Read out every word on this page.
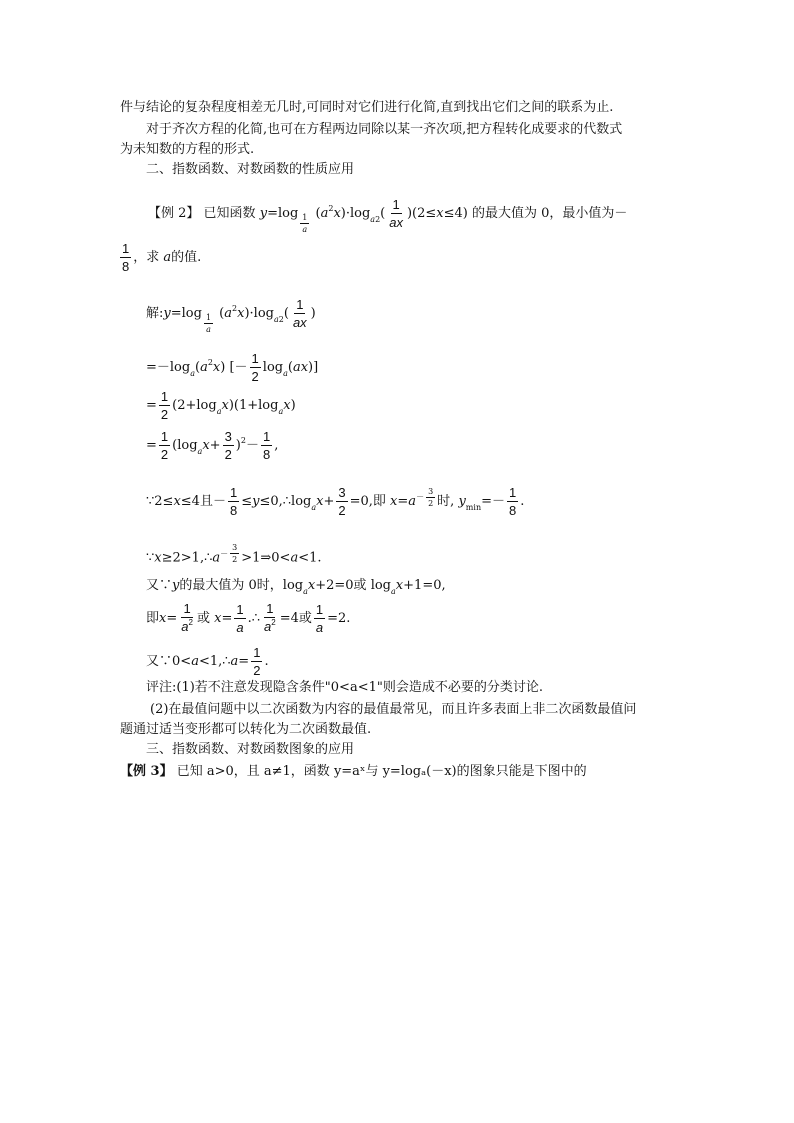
件与结论的复杂程度相差无几时,可同时对它们进行化简,直到找出它们之间的联系为止.
对于齐次方程的化简,也可在方程两边同除以某一齐次项,把方程转化成要求的代数式
为未知数的方程的形式.
二、指数函数、对数函数的性质应用
【例 2】 已知函数 $y=\log \frac{1}{a} (a^2x)\cdot\log_{a2}( \frac{1}{ax} )(2\le x\le 4)$ 的最大值为 0，最小值为－
$\frac{1}{8}$ ，求 a的值.
解:y=log $\frac{1}{a} (a^2x)\cdot\log_{a2}( \frac{1}{ax}$ )
$=-\log_a(a^2x)$ [－ $\frac{1}{2} \log_a(ax)$]
= $\frac{1}{2} (2+\log_ax)(1+\log_ax)$
= $\frac{1}{2} (\log_ax+ \frac{3}{2} )^2- \frac{1}{8}$ ,
∵2≤x≤4且－ $\frac{1}{8}$ $\le y\le 0,\therefore\log_ax+ \frac{3}{2} =0$,即 $x=a^{- \frac{3}{2}}$ 时, $y_{min}=- \frac{1}{8}$ .
$\because x\ge 2>1,\therefore a^{- \frac{3}{2}}$ >1⇒0<a<1.
又∵y的最大值为 0时，$\log_ax+2=0$或 $\log_ax+1=0$,
即$x= \frac{1}{a^2}$ 或 $x= \frac{1}{a}$ .∴ $\frac{1}{a^2} =4$或 $\frac{1}{a} =2$.
又∵0<a<1,∴a= $\frac{1}{2}$ .
评注:(1)若不注意发现隐含条件"0<a<1"则会造成不必要的分类讨论.
(2)在最值问题中以二次函数为内容的最值最常见，而且许多表面上非二次函数最值问
题通过适当变形都可以转化为二次函数最值.
三、指数函数、对数函数图象的应用
【例 3】 已知 a>0，且 a≠1，函数 y=aˣ与 y=logₐ(－x)的图象只能是下图中的
